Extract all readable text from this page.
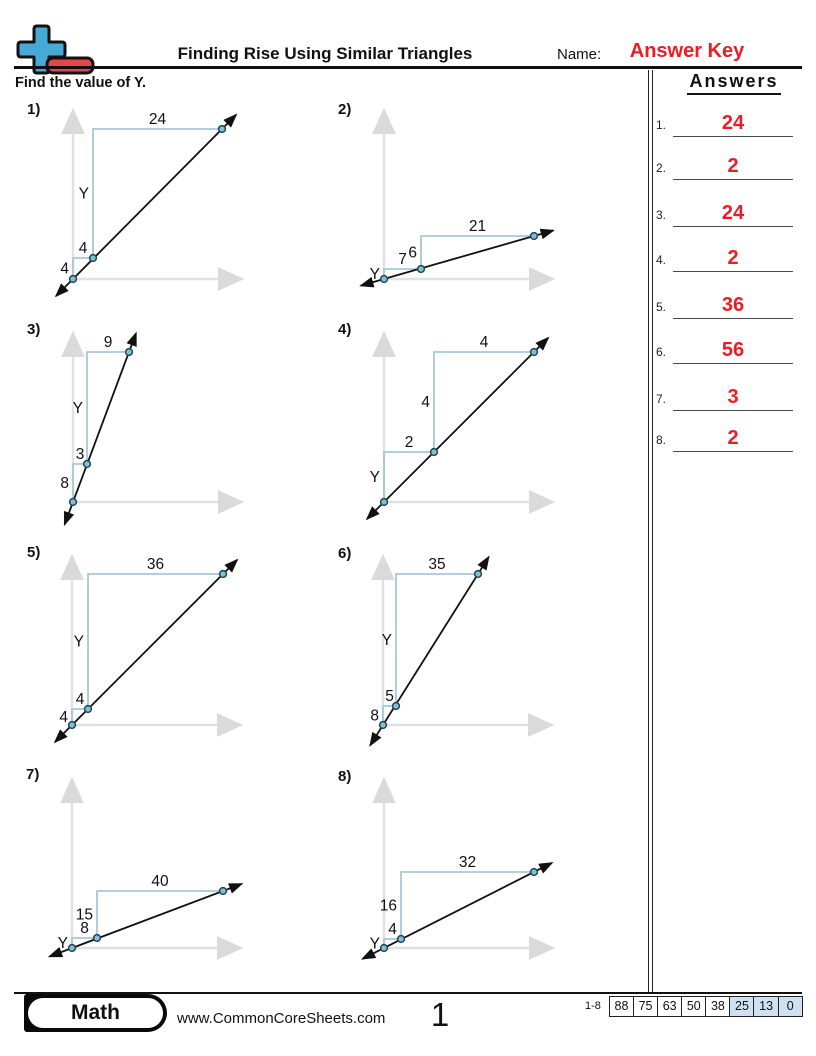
Finding Rise Using Similar Triangles	Name:	Answer Key
Find the value of Y.
4
4
Y
24
1)
Y
7 6
21
2)
8
3
Y
9
3)
Y
2
4
4
4)
4
4
Y
36
5)
8
5
Y
35
6)
Y
8
15
40
7)
Y
4
16
32
8)
Answers
1.	24
2.	2
3.	24
4.	2
5.	36
6.	56
7.	3
8.	2
Math	www.CommonCoreSheets.com	1	1-8	88 75 63 50 38 25 13	0
